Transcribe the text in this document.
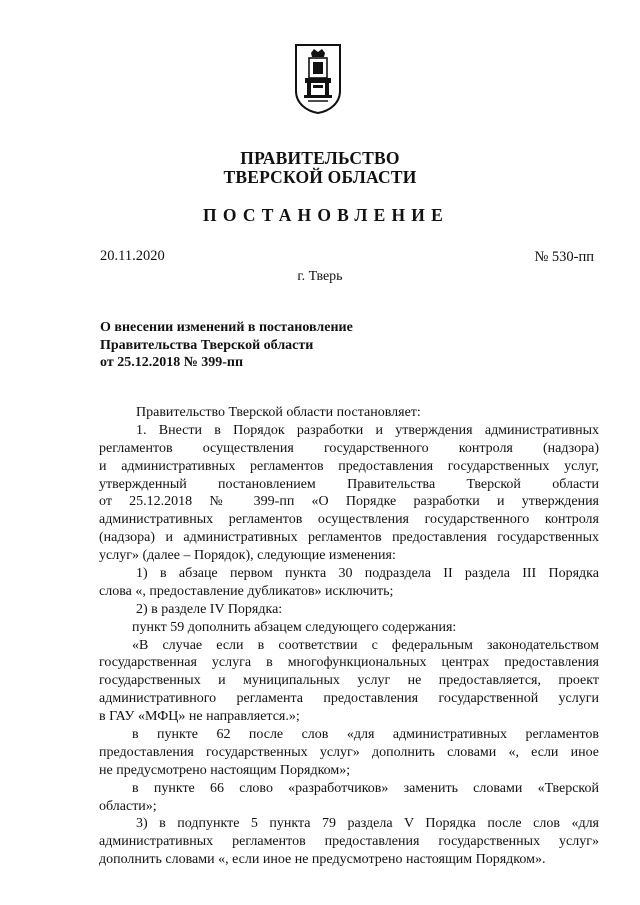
ПРАВИТЕЛЬСТВО
ТВЕРСКОЙ ОБЛАСТИ
ПОСТАНОВЛЕНИЕ
20.11.2020	№ 530-пп
г. Тверь
О внесении изменений в постановление
Правительства Тверской области
от 25.12.2018 № 399-пп
Правительство Тверской области постановляет:
1. Внести в Порядок разработки и утверждения административных
регламентов осуществления государственного контроля (надзора)
и административных регламентов предоставления государственных услуг,
утвержденный постановлением Правительства Тверской области
от 25.12.2018 № 399-пп «О Порядке разработки и утверждения
административных регламентов осуществления государственного контроля
(надзора) и административных регламентов предоставления государственных
услуг» (далее – Порядок), следующие изменения:
1) в абзаце первом пункта 30 подраздела II раздела III Порядка
слова «, предоставление дубликатов» исключить;
2) в разделе IV Порядка:
пункт 59 дополнить абзацем следующего содержания:
«В случае если в соответствии с федеральным законодательством
государственная услуга в многофункциональных центрах предоставления
государственных и муниципальных услуг не предоставляется, проект
административного регламента предоставления государственной услуги
в ГАУ «МФЦ» не направляется.»;
в пункте 62 после слов «для административных регламентов
предоставления государственных услуг» дополнить словами «, если иное
не предусмотрено настоящим Порядком»;
в пункте 66 слово «разработчиков» заменить словами «Тверской
области»;
3) в подпункте 5 пункта 79 раздела V Порядка после слов «для
административных регламентов предоставления государственных услуг»
дополнить словами «, если иное не предусмотрено настоящим Порядком».
